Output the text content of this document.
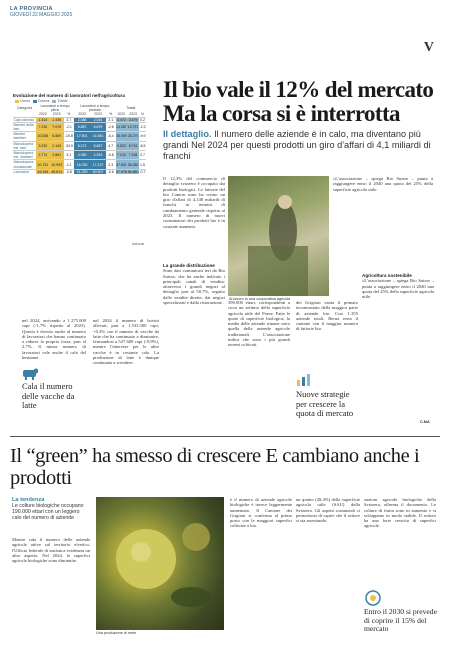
LA PROVINCIA
GIOVEDÌ 22 MAGGIO 2025
V
Evoluzione del numero di lavoratori nell'agricoltura
Uomo Donna Totale
Categoria	Lavoratori a tempo pieno			Lavoratori a tempo parziale			Totale		
	2022	2023	%	2022	2023	%	2022	2023	%
Capi azienda	1.314	1.435	3.7	2.088	2.044	2.1	3.472	3.479	0.2
Membri della fam.	7.230	7.078	-2.1	6.857	6.679	-2.6	14.087	13.757	-2.3
Membri familiari	10.558	8.889	-15.8	17.501	16.381	-6.4	28.059	25.270	-9.9
Manodopera ext. fam.	3.252	2.149	-33.9	6.271	6.567	4.7	9.523	8.716	-8.5
Manodopera ext. stranieri	2.774	2.861	3.1	4.360	4.323	-0.8	7.134	7.184	0.7
Manodopera occasionale	20.751	20.993	1.2	16.750	17.127	2.3	37.501	38.080	1.5
Lavoratori	46.349	45.813	-0.8	51.229	50.907	-0.6	97.578	96.860	-0.7
WITHUB
Il bio vale il 12% del mercato Ma la corsa si è interrotta
Il dettaglio. Il numero delle aziende è in calo, ma diventano più grandi Nel 2024 per questi prodotti un giro d'affari di 4,1 miliardi di franchi

nel 2024, arrivando a 1.275.000 capi (-1,7% rispetto al 2023). Questo è dovuto anche al numero di lavoratori che hanno continuato a ridurre la propria forza, pari al 2,7%. Il minor numero di lavoratori vale anche il calo del bestiame.

nel 2024 il numero di bovini allevati, pari a 1.533.500 capi, +0,3% con il numero di vacche da latte che ha continuato a diminuire, fermandosi a 527.600 capi (-0,9%), mentre l'interesse per le altre vacche è in costante calo. La produzione di latte è dunque continuata a scendere.

Il 12,3% del commercio di dettaglio svizzero è occupato dai prodotti biologici. Le fattorie del bio Canton sono ha creato un giro d'affari di 4,148 miliardi di franchi in termini di cambiamento generale rispetto al 2023. Il numero di nuovi consumatori dei prodotti bio è in costante aumento.

La grande distribuzione

Sono dati comunicati ieri da Bio Suisse, che ha anche indicato i principali canali di vendita: attraverso i grandi negozi al dettaglio pari al 50,7%, seguito dalle vendite dirette, dai negozi specializzati e dalla ristorazione.	390.000 ettari, corrispondenti a circa un settimo della superficie agricola utile del Paese. Fatte le quote di superficie biologica, la media delle aziende rimane sotto quella delle aziende agricole tradizionali. L'associazione indica che sono i più grandi terreni coltivati.

dei Grigioni vanta il primato incontrastato della maggior parte di aziende bio. Con 1.355 aziende totali, Berna resta il cantone con il maggior numero di fattorie bio.

«L'associazione – spiega Bio Suisse – punta a raggiungere entro il 2040 una quota del 25% della superficie agricola utile.

Agricoltura sostenibile

«L'associazione – spiega Bio Suisse – punta a raggiungere entro il 2040 una quota del 25% della superficie agricola utile.

Al lavoro in una cooperativa agricola
Cala il numero delle vacche da latte
Nuove strategie per crescere la quota di mercato
C.MA
Il “green” ha smesso di crescere E cambiano anche i prodotti
La tendenza
Le colture biologiche occupano 190.000 ettari con un leggero calo del numero di aziende

Mentre cala il numero delle aziende agricole attive sul territorio elvetico, l'Ufficio federale di statistica evidenzia un altro aspetto. Nel 2024, le superfici agricole biologiche sono diminuite.

Una produzione di mele

e il numero di aziende agricole biologiche è invece leggermente aumentato. Il Cantone dei Grigioni si conferma al primo posto con le maggiori superfici coltivate a bio.

un quinto (28,4%) della superficie agricola utile (SAU) della Svizzera. Gli aspetti sostanziali ci permettono di capire che il settore si sta assestando.

zazioni agricole biologiche della Svizzera, afferma il documento. Le colture di frutta sono in aumento e si sviluppano in modo stabile. Il settore ha una forte crescita di superfici agricole.

Entro il 2030 si prevede di coprire il 15% del mercato
